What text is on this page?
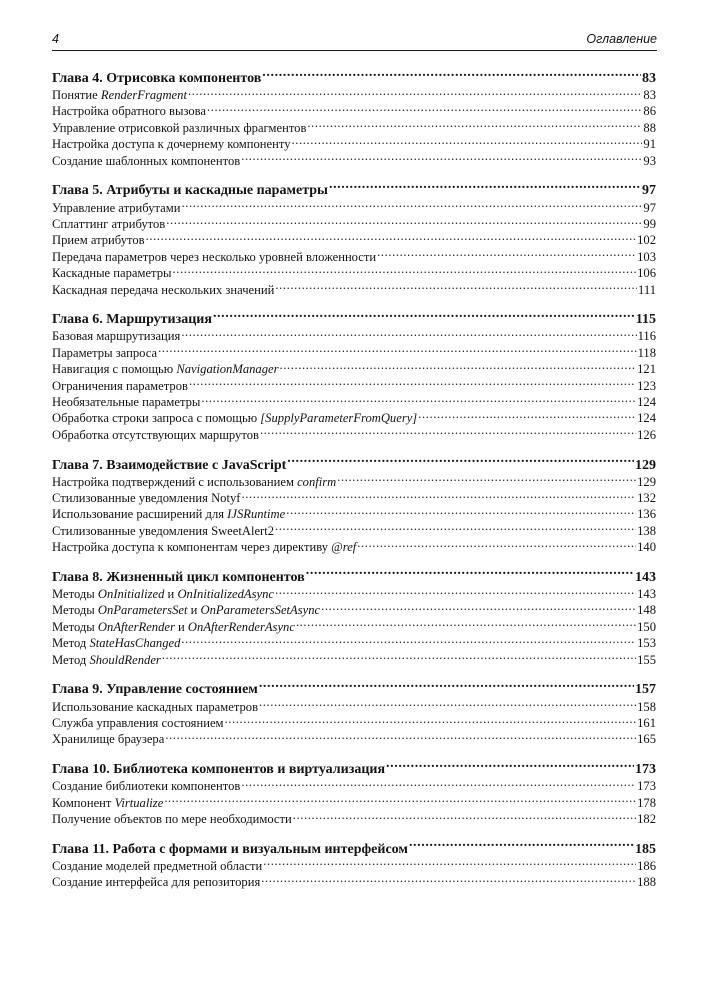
4	Оглавление
Глава 4. Отрисовка компонентов .....	83
Понятие RenderFragment .....	83
Настройка обратного вызова .....	86
Управление отрисовкой различных фрагментов .....	88
Настройка доступа к дочернему компоненту .....	91
Создание шаблонных компонентов .....	93
Глава 5. Атрибуты и каскадные параметры .....	97
Управление атрибутами .....	97
Сплаттинг атрибутов .....	99
Прием атрибутов .....	102
Передача параметров через несколько уровней вложенности .....	103
Каскадные параметры .....	106
Каскадная передача нескольких значений .....	111
Глава 6. Маршрутизация .....	115
Базовая маршрутизация .....	116
Параметры запроса .....	118
Навигация с помощью NavigationManager .....	121
Ограничения параметров .....	123
Необязательные параметры .....	124
Обработка строки запроса с помощью [SupplyParameterFromQuery] .....	124
Обработка отсутствующих маршрутов .....	126
Глава 7. Взаимодействие с JavaScript .....	129
Настройка подтверждений с использованием confirm .....	129
Стилизованные уведомления Notyf .....	132
Использование расширений для IJSRuntime .....	136
Стилизованные уведомления SweetAlert2 .....	138
Настройка доступа к компонентам через директиву @ref .....	140
Глава 8. Жизненный цикл компонентов .....	143
Методы OnInitialized и OnInitializedAsync .....	143
Методы OnParametersSet и OnParametersSetAsync .....	148
Методы OnAfterRender и OnAfterRenderAsync .....	150
Метод StateHasChanged .....	153
Метод ShouldRender .....	155
Глава 9. Управление состоянием .....	157
Использование каскадных параметров .....	158
Служба управления состоянием .....	161
Хранилище браузера .....	165
Глава 10. Библиотека компонентов и виртуализация .....	173
Создание библиотеки компонентов .....	173
Компонент Virtualize .....	178
Получение объектов по мере необходимости .....	182
Глава 11. Работа с формами и визуальным интерфейсом .....	185
Создание моделей предметной области .....	186
Создание интерфейса для репозитория .....	188
